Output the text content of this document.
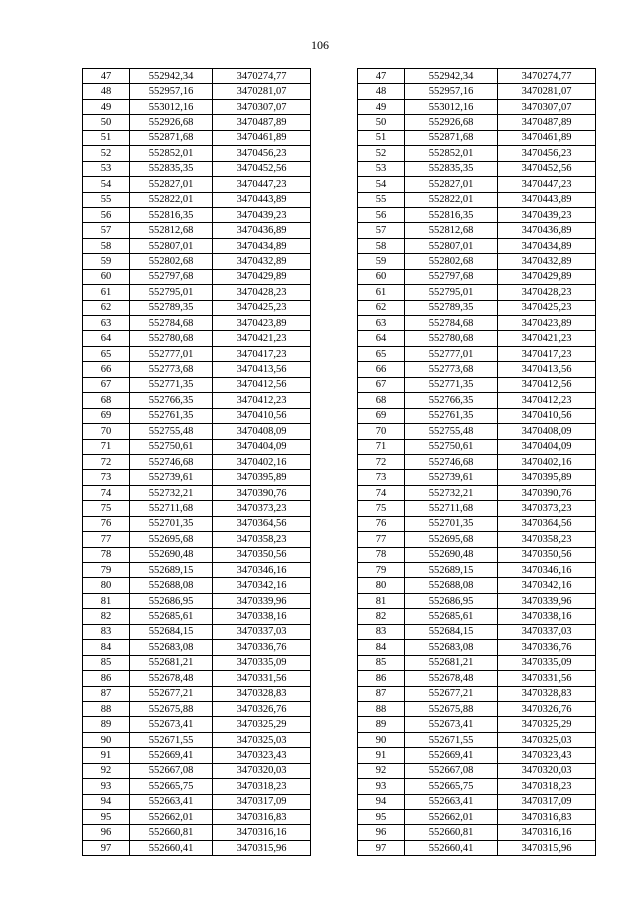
106
47	552942,34	3470274,77		47	552942,34	3470274,77
48	552957,16	3470281,07		48	552957,16	3470281,07
49	553012,16	3470307,07		49	553012,16	3470307,07
50	552926,68	3470487,89		50	552926,68	3470487,89
51	552871,68	3470461,89		51	552871,68	3470461,89
52	552852,01	3470456,23		52	552852,01	3470456,23
53	552835,35	3470452,56		53	552835,35	3470452,56
54	552827,01	3470447,23		54	552827,01	3470447,23
55	552822,01	3470443,89		55	552822,01	3470443,89
56	552816,35	3470439,23		56	552816,35	3470439,23
57	552812,68	3470436,89		57	552812,68	3470436,89
58	552807,01	3470434,89		58	552807,01	3470434,89
59	552802,68	3470432,89		59	552802,68	3470432,89
60	552797,68	3470429,89		60	552797,68	3470429,89
61	552795,01	3470428,23		61	552795,01	3470428,23
62	552789,35	3470425,23		62	552789,35	3470425,23
63	552784,68	3470423,89		63	552784,68	3470423,89
64	552780,68	3470421,23		64	552780,68	3470421,23
65	552777,01	3470417,23		65	552777,01	3470417,23
66	552773,68	3470413,56		66	552773,68	3470413,56
67	552771,35	3470412,56		67	552771,35	3470412,56
68	552766,35	3470412,23		68	552766,35	3470412,23
69	552761,35	3470410,56		69	552761,35	3470410,56
70	552755,48	3470408,09		70	552755,48	3470408,09
71	552750,61	3470404,09		71	552750,61	3470404,09
72	552746,68	3470402,16		72	552746,68	3470402,16
73	552739,61	3470395,89		73	552739,61	3470395,89
74	552732,21	3470390,76		74	552732,21	3470390,76
75	552711,68	3470373,23		75	552711,68	3470373,23
76	552701,35	3470364,56		76	552701,35	3470364,56
77	552695,68	3470358,23		77	552695,68	3470358,23
78	552690,48	3470350,56		78	552690,48	3470350,56
79	552689,15	3470346,16		79	552689,15	3470346,16
80	552688,08	3470342,16		80	552688,08	3470342,16
81	552686,95	3470339,96		81	552686,95	3470339,96
82	552685,61	3470338,16		82	552685,61	3470338,16
83	552684,15	3470337,03		83	552684,15	3470337,03
84	552683,08	3470336,76		84	552683,08	3470336,76
85	552681,21	3470335,09		85	552681,21	3470335,09
86	552678,48	3470331,56		86	552678,48	3470331,56
87	552677,21	3470328,83		87	552677,21	3470328,83
88	552675,88	3470326,76		88	552675,88	3470326,76
89	552673,41	3470325,29		89	552673,41	3470325,29
90	552671,55	3470325,03		90	552671,55	3470325,03
91	552669,41	3470323,43		91	552669,41	3470323,43
92	552667,08	3470320,03		92	552667,08	3470320,03
93	552665,75	3470318,23		93	552665,75	3470318,23
94	552663,41	3470317,09		94	552663,41	3470317,09
95	552662,01	3470316,83		95	552662,01	3470316,83
96	552660,81	3470316,16		96	552660,81	3470316,16
97	552660,41	3470315,96		97	552660,41	3470315,96
